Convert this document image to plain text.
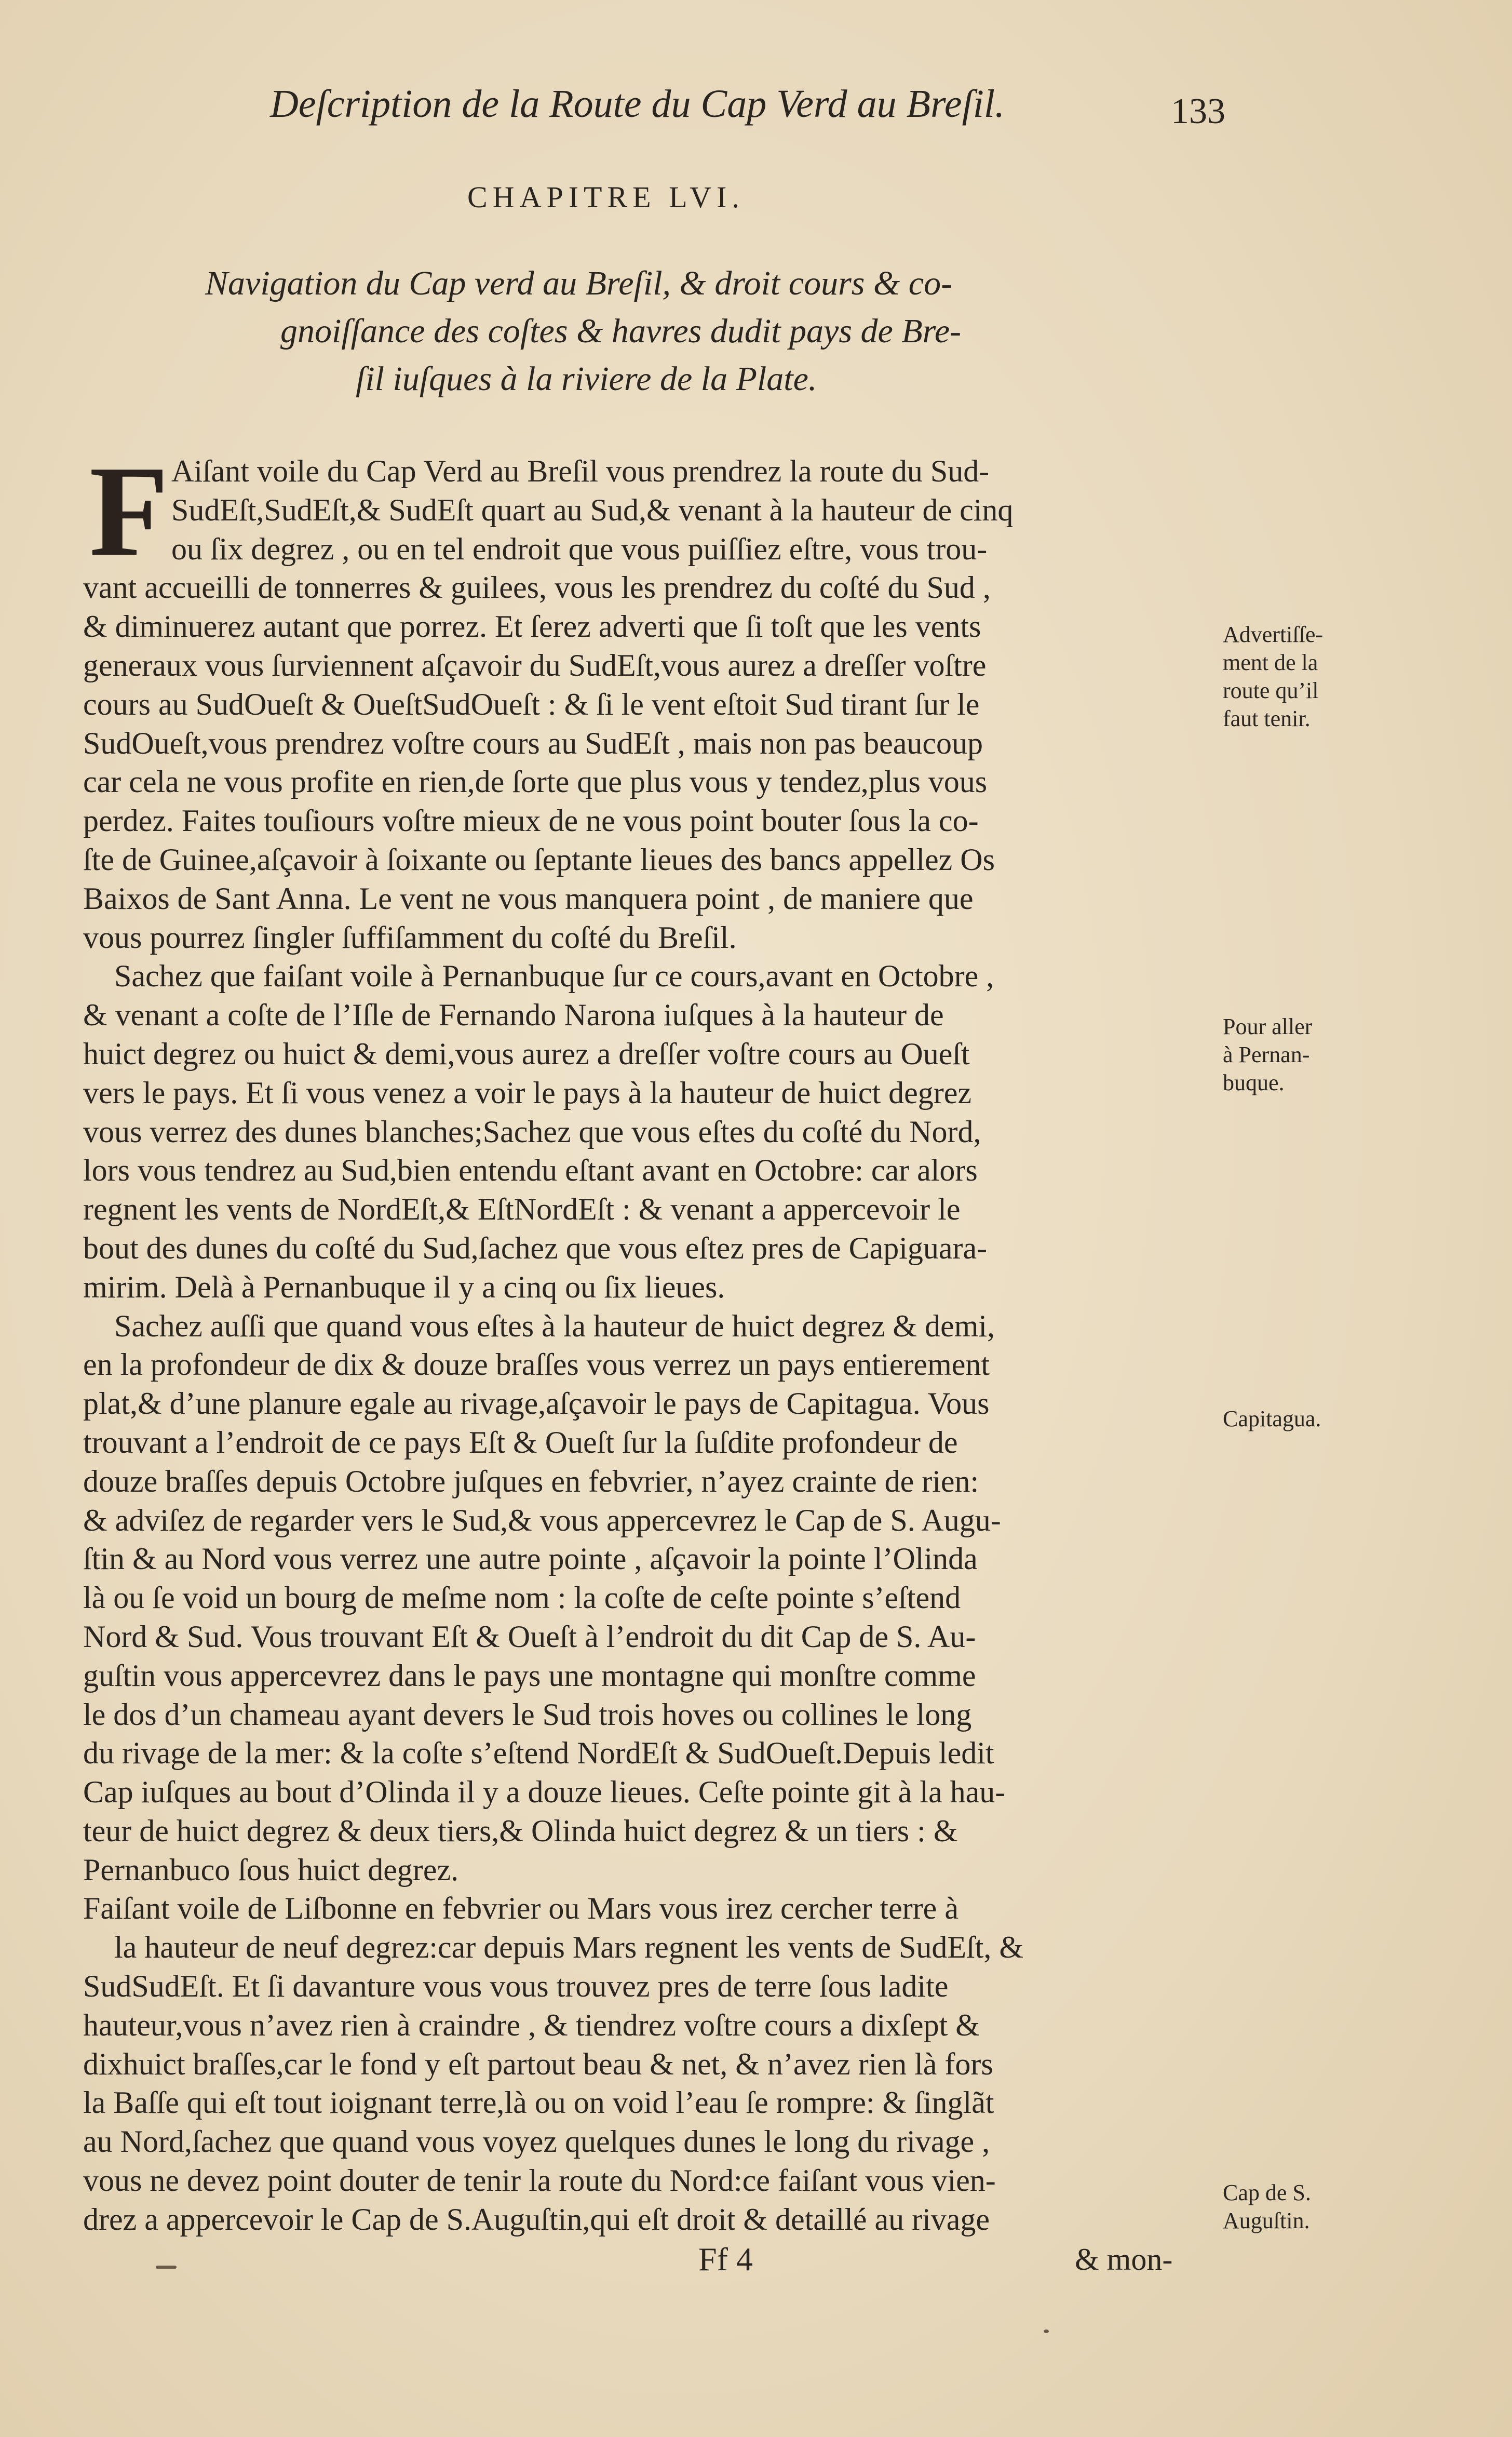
Deſcription de la Route du Cap Verd au Breſil.	133
CHAPITRE LVI.
Navigation du Cap verd au Breſil, & droit cours & co-
gnoiſſance des coſtes & havres dudit pays de Bre-
ſil iuſques à la riviere de la Plate.
F Aiſant voile du Cap Verd au Breſil vous prendrez la route du Sud-
SudEſt,SudEſt,& SudEſt quart au Sud,& venant à la hauteur de cinq
ou ſix degrez , ou en tel endroit que vous puiſſiez eſtre, vous trou-
vant accueilli de tonnerres & guilees, vous les prendrez du coſté du Sud ,
& diminuerez autant que porrez. Et ſerez adverti que ſi toſt que les vents
generaux vous ſurviennent aſçavoir du SudEſt,vous aurez a dreſſer voſtre
cours au SudOueſt & OueſtSudOueſt : & ſi le vent eſtoit Sud tirant ſur le
SudOueſt,vous prendrez voſtre cours au SudEſt , mais non pas beaucoup
car cela ne vous profite en rien,de ſorte que plus vous y tendez,plus vous
perdez. Faites touſiours voſtre mieux de ne vous point bouter ſous la co-
ſte de Guinee,aſçavoir à ſoixante ou ſeptante lieues des bancs appellez Os
Baixos de Sant Anna. Le vent ne vous manquera point , de maniere que
vous pourrez ſingler ſuffiſamment du coſté du Breſil.
Sachez que faiſant voile à Pernanbuque ſur ce cours,avant en Octobre ,
& venant a coſte de l’Iſle de Fernando Narona iuſques à la hauteur de
huict degrez ou huict & demi,vous aurez a dreſſer voſtre cours au Oueſt
vers le pays. Et ſi vous venez a voir le pays à la hauteur de huict degrez
vous verrez des dunes blanches;Sachez que vous eſtes du coſté du Nord,
lors vous tendrez au Sud,bien entendu eſtant avant en Octobre: car alors
regnent les vents de NordEſt,& EſtNordEſt : & venant a appercevoir le
bout des dunes du coſté du Sud,ſachez que vous eſtez pres de Capiguara-
mirim. Delà à Pernanbuque il y a cinq ou ſix lieues.
Sachez auſſi que quand vous eſtes à la hauteur de huict degrez & demi,
en la profondeur de dix & douze braſſes vous verrez un pays entierement
plat,& d’une planure egale au rivage,aſçavoir le pays de Capitagua. Vous
trouvant a l’endroit de ce pays Eſt & Oueſt ſur la ſuſdite profondeur de
douze braſſes depuis Octobre juſques en febvrier, n’ayez crainte de rien:
& adviſez de regarder vers le Sud,& vous appercevrez le Cap de S. Augu-
ſtin & au Nord vous verrez une autre pointe , aſçavoir la pointe l’Olinda
là ou ſe void un bourg de meſme nom : la coſte de ceſte pointe s’eſtend
Nord & Sud. Vous trouvant Eſt & Oueſt à l’endroit du dit Cap de S. Au-
guſtin vous appercevrez dans le pays une montagne qui monſtre comme
le dos d’un chameau ayant devers le Sud trois hoves ou collines le long
du rivage de la mer: & la coſte s’eſtend NordEſt & SudOueſt.Depuis ledit
Cap iuſques au bout d’Olinda il y a douze lieues. Ceſte pointe git à la hau-
teur de huict degrez & deux tiers,& Olinda huict degrez & un tiers : &
Pernanbuco ſous huict degrez.
Faiſant voile de Liſbonne en febvrier ou Mars vous irez cercher terre à
la hauteur de neuf degrez:car depuis Mars regnent les vents de SudEſt, &
SudSudEſt. Et ſi davanture vous vous trouvez pres de terre ſous ladite
hauteur,vous n’avez rien à craindre , & tiendrez voſtre cours a dixſept &
dixhuict braſſes,car le fond y eſt partout beau & net, & n’avez rien là fors
la Baſſe qui eſt tout ioignant terre,là ou on void l’eau ſe rompre: & ſinglãt
au Nord,ſachez que quand vous voyez quelques dunes le long du rivage ,
vous ne devez point douter de tenir la route du Nord:ce faiſant vous vien-
drez a appercevoir le Cap de S.Auguſtin,qui eſt droit & detaillé au rivage
Advertiſſe-
ment de la
route qu’il
faut tenir.
Pour aller
à Pernan-
buque.
Capitagua.
Cap de S.
Auguſtin.
Ff 4	& mon-
